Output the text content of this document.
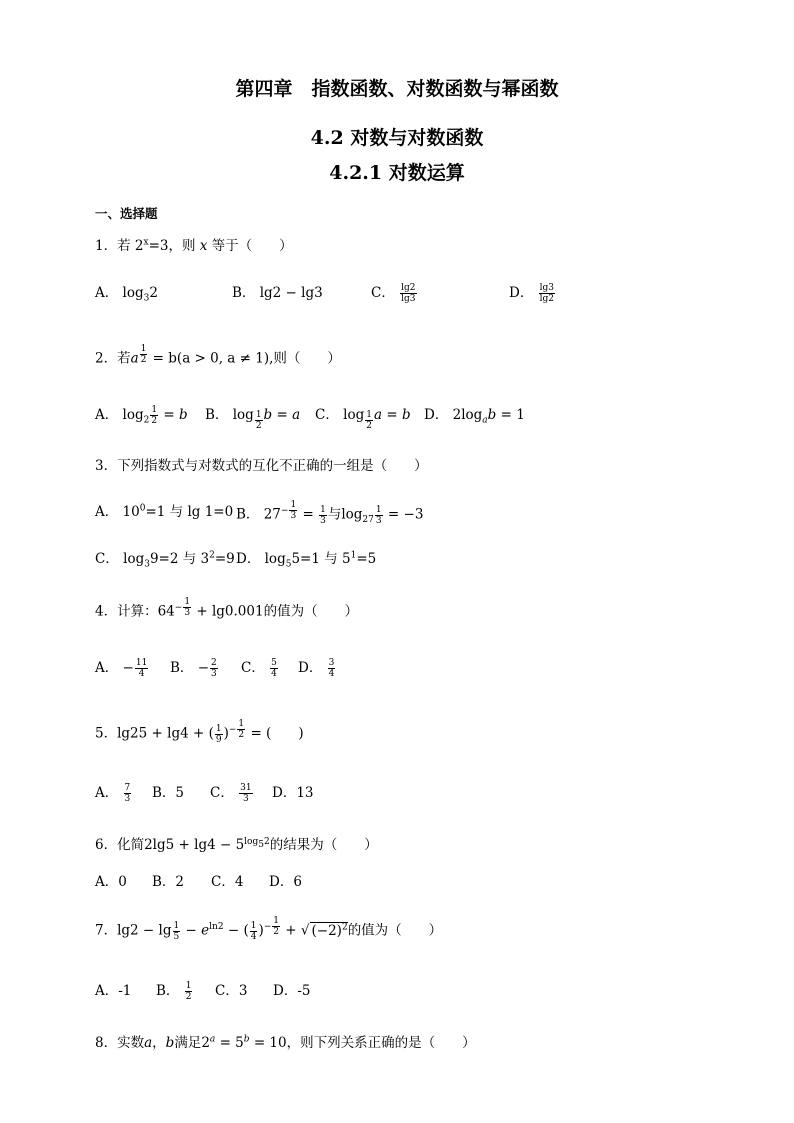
第四章　指数函数、对数函数与幂函数
4.2 对数与对数函数
4.2.1 对数运算
一、选择题
1．若 $2^x=3$，则 x 等于（　　）
A． $\log_32$	B． lg2 − lg3	C． $\frac{\lg 2}{\lg 3}$	D． $\frac{\lg 3}{\lg 2}$
2．若a $^{\frac{1}{2}}$ = b(a > 0, a ≠ 1),则（　　）
A． $\log_2 \frac{1}{2} = b$ B． log $_{\frac{1}{2}}$ b = a C． log $_{\frac{1}{2}}$ a = b D． $2\log_ab = 1$
3．下列指数式与对数式的互化不正确的一组是（　　）
A． $10^0=1$ 与 lg 1=0 B． $27^{- \frac{1}{3}} = \frac{1}{3}$ 与$\log_{27} \frac{1}{3} = -3$
C． $\log_39=2$ 与 $3^2=9$ D． $\log_55=1$ 与 $5^1=5$
4．计算：$64^{- \frac{1}{3}} + \lg 0.001$的值为（　　）
A． − $\frac{11}{4}$ B． − $\frac{2}{3}$ C． $\frac{5}{4}$ D． $\frac{3}{4}$
5．lg25 + lg4 + ( $\frac{1}{9} )^{- \frac{1}{2}}$ = (　　)
A． $\frac{7}{3}$ B．5 C． $\frac{31}{3}$ D．13
6．化简$2\lg 5 + \lg 4 - 5^{log_52}$的结果为（　　）
A．0 B．2 C．4 D．6
7．$\lg 2 - \lg \frac{1}{5} - e^{ln2}$ − ( $\frac{1}{4} )^{- \frac{1}{2}}$ + √ $(-2)^2$的值为（　　）
A．-1 B． $\frac{1}{2}$ C．3 D．-5
8．实数a，b满足$2^a = 5^b = 10$，则下列关系正确的是（　　）
